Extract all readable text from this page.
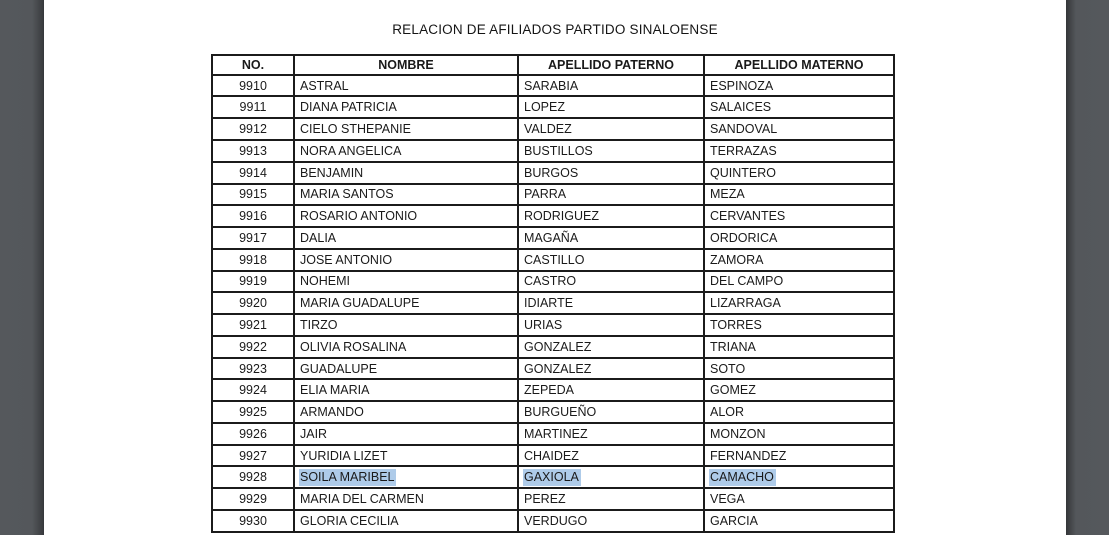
RELACION DE AFILIADOS PARTIDO SINALOENSE
NO.	NOMBRE	APELLIDO PATERNO	APELLIDO MATERNO
9910	ASTRAL	SARABIA	ESPINOZA
9911	DIANA PATRICIA	LOPEZ	SALAICES
9912	CIELO STHEPANIE	VALDEZ	SANDOVAL
9913	NORA ANGELICA	BUSTILLOS	TERRAZAS
9914	BENJAMIN	BURGOS	QUINTERO
9915	MARIA SANTOS	PARRA	MEZA
9916	ROSARIO ANTONIO	RODRIGUEZ	CERVANTES
9917	DALIA	MAGAÑA	ORDORICA
9918	JOSE ANTONIO	CASTILLO	ZAMORA
9919	NOHEMI	CASTRO	DEL CAMPO
9920	MARIA GUADALUPE	IDIARTE	LIZARRAGA
9921	TIRZO	URIAS	TORRES
9922	OLIVIA ROSALINA	GONZALEZ	TRIANA
9923	GUADALUPE	GONZALEZ	SOTO
9924	ELIA MARIA	ZEPEDA	GOMEZ
9925	ARMANDO	BURGUEÑO	ALOR
9926	JAIR	MARTINEZ	MONZON
9927	YURIDIA LIZET	CHAIDEZ	FERNANDEZ
9928	SOILA MARIBEL	GAXIOLA	CAMACHO
9929	MARIA DEL CARMEN	PEREZ	VEGA
9930	GLORIA CECILIA	VERDUGO	GARCIA
